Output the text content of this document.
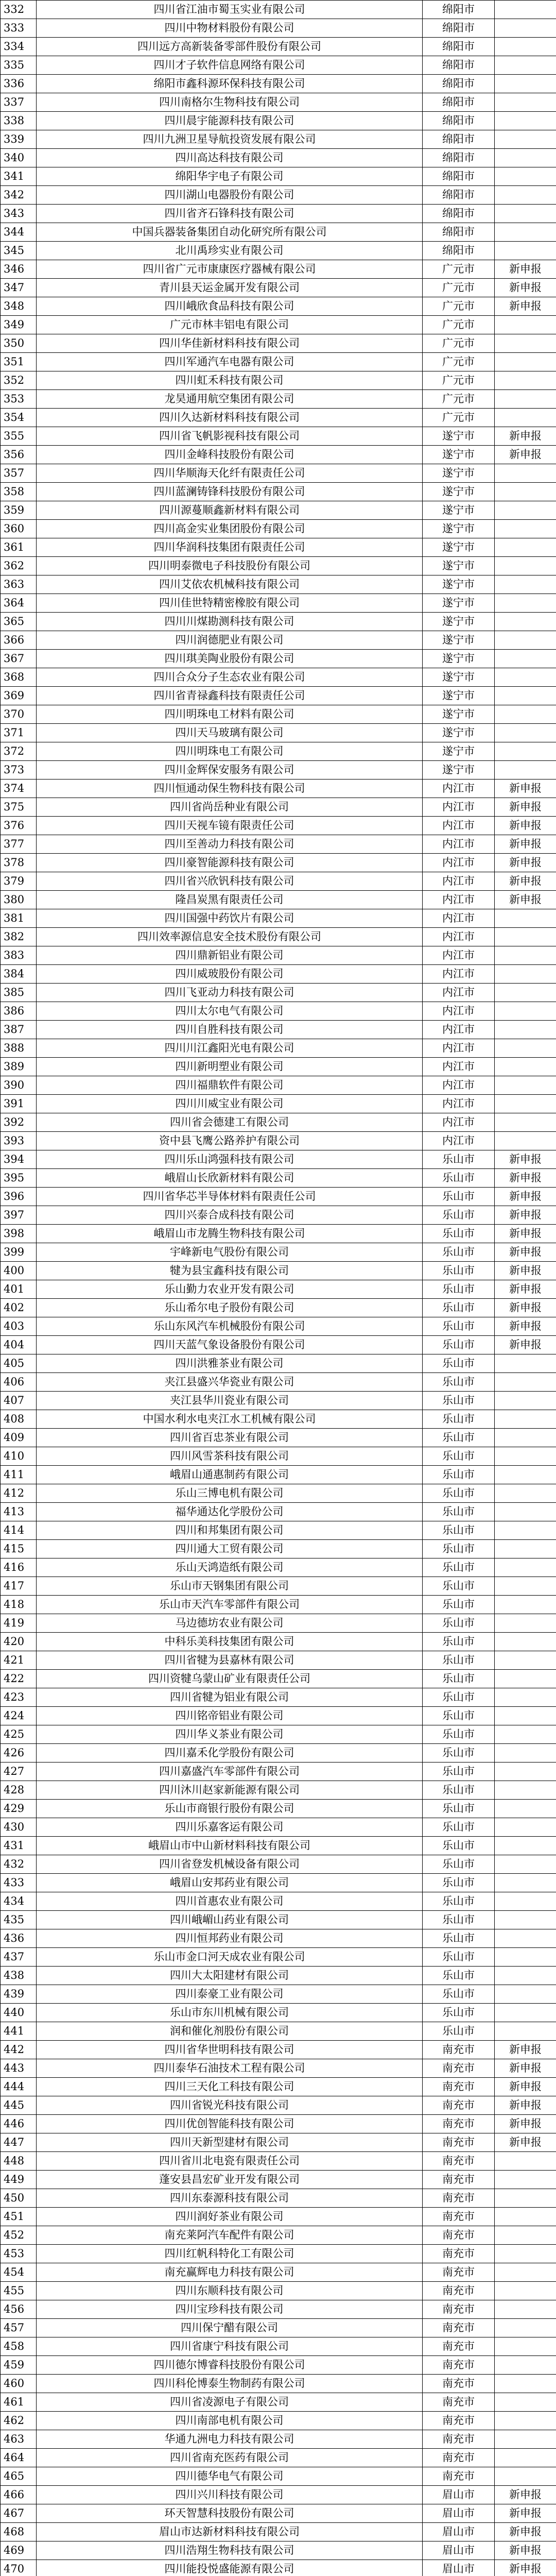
332	四川省江油市蜀玉实业有限公司	绵阳市	
333	四川中物材料股份有限公司	绵阳市	
334	四川远方高新装备零部件股份有限公司	绵阳市	
335	四川才子软件信息网络有限公司	绵阳市	
336	绵阳市鑫科源环保科技有限公司	绵阳市	
337	四川南格尔生物科技有限公司	绵阳市	
338	四川晨宇能源科技有限公司	绵阳市	
339	四川九洲卫星导航投资发展有限公司	绵阳市	
340	四川高达科技有限公司	绵阳市	
341	绵阳华宇电子有限公司	绵阳市	
342	四川湖山电器股份有限公司	绵阳市	
343	四川省齐石锋科技有限公司	绵阳市	
344	中国兵器装备集团自动化研究所有限公司	绵阳市	
345	北川禹珍实业有限公司	绵阳市	
346	四川省广元市康康医疗器械有限公司	广元市	新申报
347	青川县天运金属开发有限公司	广元市	新申报
348	四川峨欣食品科技有限公司	广元市	新申报
349	广元市林丰铝电有限公司	广元市	
350	四川华佳新材料科技有限公司	广元市	
351	四川军通汽车电器有限公司	广元市	
352	四川虹禾科技有限公司	广元市	
353	龙昊通用航空集团有限公司	广元市	
354	四川久达新材料科技有限公司	广元市	
355	四川省飞帆影视科技有限公司	遂宁市	新申报
356	四川金峰科技股份有限公司	遂宁市	新申报
357	四川华顺海天化纤有限责任公司	遂宁市	
358	四川蓝澜铸锋科技股份有限公司	遂宁市	
359	四川源蔓顺鑫新材料有限公司	遂宁市	
360	四川高金实业集团股份有限公司	遂宁市	
361	四川华润科技集团有限责任公司	遂宁市	
362	四川明泰微电子科技股份有限公司	遂宁市	
363	四川艾依农机械科技有限公司	遂宁市	
364	四川佳世特精密橡胶有限公司	遂宁市	
365	四川川煤勘测科技有限公司	遂宁市	
366	四川润德肥业有限公司	遂宁市	
367	四川琪美陶业股份有限公司	遂宁市	
368	四川合众分子生态农业有限公司	遂宁市	
369	四川省青禄鑫科技有限责任公司	遂宁市	
370	四川明珠电工材料有限公司	遂宁市	
371	四川天马玻璃有限公司	遂宁市	
372	四川明珠电工有限公司	遂宁市	
373	四川金辉保安服务有限公司	遂宁市	
374	四川恒通动保生物科技有限公司	内江市	新申报
375	四川省尚岳种业有限公司	内江市	新申报
376	四川天视车镜有限责任公司	内江市	新申报
377	四川至善动力科技有限公司	内江市	新申报
378	四川豪智能源科技有限公司	内江市	新申报
379	四川省兴欣钒科技有限公司	内江市	新申报
380	隆昌炭黑有限责任公司	内江市	新申报
381	四川国强中药饮片有限公司	内江市	
382	四川效率源信息安全技术股份有限公司	内江市	
383	四川鼎新铝业有限公司	内江市	
384	四川威玻股份有限公司	内江市	
385	四川飞亚动力科技有限公司	内江市	
386	四川太尔电气有限公司	内江市	
387	四川自胜科技有限公司	内江市	
388	四川川江鑫阳光电有限公司	内江市	
389	四川新明塑业有限公司	内江市	
390	四川福鼎软件有限公司	内江市	
391	四川川威宝业有限公司	内江市	
392	四川省会德建工有限公司	内江市	
393	资中县飞鹰公路养护有限公司	内江市	
394	四川乐山鸿强科技有限公司	乐山市	新申报
395	峨眉山长欣新材料有限公司	乐山市	新申报
396	四川省华芯半导体材料有限责任公司	乐山市	新申报
397	四川兴泰合成科技有限公司	乐山市	新申报
398	峨眉山市龙腾生物科技有限公司	乐山市	新申报
399	宇峰新电气股份有限公司	乐山市	新申报
400	犍为县宝鑫科技有限公司	乐山市	新申报
401	乐山勤力农业开发有限公司	乐山市	新申报
402	乐山希尔电子股份有限公司	乐山市	新申报
403	乐山东风汽车机械股份有限公司	乐山市	新申报
404	四川天蓝气象设备股份有限公司	乐山市	新申报
405	四川洪雅茶业有限公司	乐山市	
406	夹江县盛兴华瓷业有限公司	乐山市	
407	夹江县华川瓷业有限公司	乐山市	
408	中国水利水电夹江水工机械有限公司	乐山市	
409	四川省百忠茶业有限公司	乐山市	
410	四川风雪茶科技有限公司	乐山市	
411	峨眉山通惠制药有限公司	乐山市	
412	乐山三博电机有限公司	乐山市	
413	福华通达化学股份公司	乐山市	
414	四川和邦集团有限公司	乐山市	
415	四川通大工贸有限公司	乐山市	
416	乐山天鸿造纸有限公司	乐山市	
417	乐山市天钢集团有限公司	乐山市	
418	乐山市天汽车零部件有限公司	乐山市	
419	马边德坊农业有限公司	乐山市	
420	中科乐美科技集团有限公司	乐山市	
421	四川省犍为县嘉林有限公司	乐山市	
422	四川资犍乌蒙山矿业有限责任公司	乐山市	
423	四川省犍为铝业有限公司	乐山市	
424	四川铭帝铝业有限公司	乐山市	
425	四川华义茶业有限公司	乐山市	
426	四川嘉禾化学股份有限公司	乐山市	
427	四川嘉盛汽车零部件有限公司	乐山市	
428	四川沐川赵家新能源有限公司	乐山市	
429	乐山市商银行股份有限公司	乐山市	
430	四川乐嘉客运有限公司	乐山市	
431	峨眉山市中山新材料科技有限公司	乐山市	
432	四川省登发机械设备有限公司	乐山市	
433	峨眉山安邦药业有限公司	乐山市	
434	四川首惠农业有限公司	乐山市	
435	四川峨嵋山药业有限公司	乐山市	
436	四川恒邦药业有限公司	乐山市	
437	乐山市金口河天成农业有限公司	乐山市	
438	四川大太阳建材有限公司	乐山市	
439	四川泰豪工业有限公司	乐山市	
440	乐山市东川机械有限公司	乐山市	
441	润和催化剂股份有限公司	乐山市	
442	四川省华世明科技有限公司	南充市	新申报
443	四川泰华石油技术工程有限公司	南充市	新申报
444	四川三天化工科技有限公司	南充市	新申报
445	四川省锐光科技有限公司	南充市	新申报
446	四川优创智能科技有限公司	南充市	新申报
447	四川天新型建材有限公司	南充市	新申报
448	四川省川北电瓷有限责任公司	南充市	
449	蓬安县昌宏矿业开发有限公司	南充市	
450	四川东泰源科技有限公司	南充市	
451	四川润好茶业有限公司	南充市	
452	南充莱阿汽车配件有限公司	南充市	
453	四川红帆科特化工有限公司	南充市	
454	南充赢辉电力科技有限公司	南充市	
455	四川东顺科技有限公司	南充市	
456	四川宝珍科技有限公司	南充市	
457	四川保宁醋有限公司	南充市	
458	四川省康宁科技有限公司	南充市	
459	四川德尔博睿科技股份有限公司	南充市	
460	四川科伦博泰生物制药有限公司	南充市	
461	四川省凌源电子有限公司	南充市	
462	四川南部电机有限公司	南充市	
463	华通九洲电力科技有限公司	南充市	
464	四川省南充医药有限公司	南充市	
465	四川德华电气有限公司	南充市	
466	四川兴川科技有限公司	眉山市	新申报
467	环天智慧科技股份有限公司	眉山市	新申报
468	眉山市达新材料科技有限公司	眉山市	新申报
469	四川浩翔生物科技有限公司	眉山市	新申报
470	四川能投悦盛能源有限公司	眉山市	新申报
